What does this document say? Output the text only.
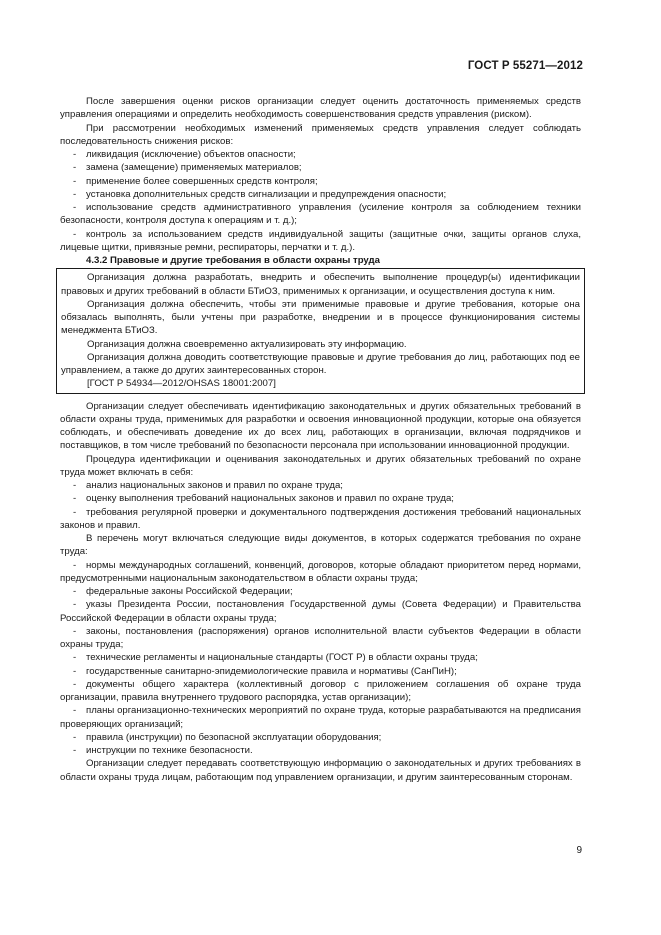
ГОСТ Р 55271—2012
После завершения оценки рисков организации следует оценить достаточность применяемых средств управления операциями и определить необходимость совершенствования средств управления (риском).
При рассмотрении необходимых изменений применяемых средств управления следует соблюдать последовательность снижения рисков:
- ликвидация (исключение) объектов опасности;
- замена (замещение) применяемых материалов;
- применение более совершенных средств контроля;
- установка дополнительных средств сигнализации и предупреждения опасности;
- использование средств административного управления (усиление контроля за соблюдением техники безопасности, контроля доступа к операциям и т. д.);
- контроль за использованием средств индивидуальной защиты (защитные очки, защиты органов слуха, лицевые щитки, привязные ремни, респираторы, перчатки и т. д.).
4.3.2 Правовые и другие требования в области охраны труда
Организация должна разработать, внедрить и обеспечить выполнение процедур(ы) идентификации правовых и других требований в области БТиОЗ, применимых к организации, и осуществления доступа к ним.
Организация должна обеспечить, чтобы эти применимые правовые и другие требования, которые она обязалась выполнять, были учтены при разработке, внедрении и в процессе функционирования системы менеджмента БТиОЗ.
Организация должна своевременно актуализировать эту информацию.
Организация должна доводить соответствующие правовые и другие требования до лиц, работающих под ее управлением, а также до других заинтересованных сторон.
[ГОСТ Р 54934—2012/OHSAS 18001:2007]
Организации следует обеспечивать идентификацию законодательных и других обязательных требований в области охраны труда, применимых для разработки и освоения инновационной продукции, которые она обязуется соблюдать, и обеспечивать доведение их до всех лиц, работающих в организации, включая подрядчиков и поставщиков, в том числе требований по безопасности персонала при использовании инновационной продукции.
Процедура идентификации и оценивания законодательных и других обязательных требований по охране труда может включать в себя:
- анализ национальных законов и правил по охране труда;
- оценку выполнения требований национальных законов и правил по охране труда;
- требования регулярной проверки и документального подтверждения достижения требований национальных законов и правил.
В перечень могут включаться следующие виды документов, в которых содержатся требования по охране труда:
- нормы международных соглашений, конвенций, договоров, которые обладают приоритетом перед нормами, предусмотренными национальным законодательством в области охраны труда;
- федеральные законы Российской Федерации;
- указы Президента России, постановления Государственной думы (Совета Федерации) и Правительства Российской Федерации в области охраны труда;
- законы, постановления (распоряжения) органов исполнительной власти субъектов Федерации в области охраны труда;
- технические регламенты и национальные стандарты (ГОСТ Р) в области охраны труда;
- государственные санитарно-эпидемиологические правила и нормативы (СанПиН);
- документы общего характера (коллективный договор с приложением соглашения об охране труда организации, правила внутреннего трудового распорядка, устав организации);
- планы организационно-технических мероприятий по охране труда, которые разрабатываются на предписания проверяющих организаций;
- правила (инструкции) по безопасной эксплуатации оборудования;
- инструкции по технике безопасности.
Организации следует передавать соответствующую информацию о законодательных и других требованиях в области охраны труда лицам, работающим под управлением организации, и другим заинтересованным сторонам.
9
